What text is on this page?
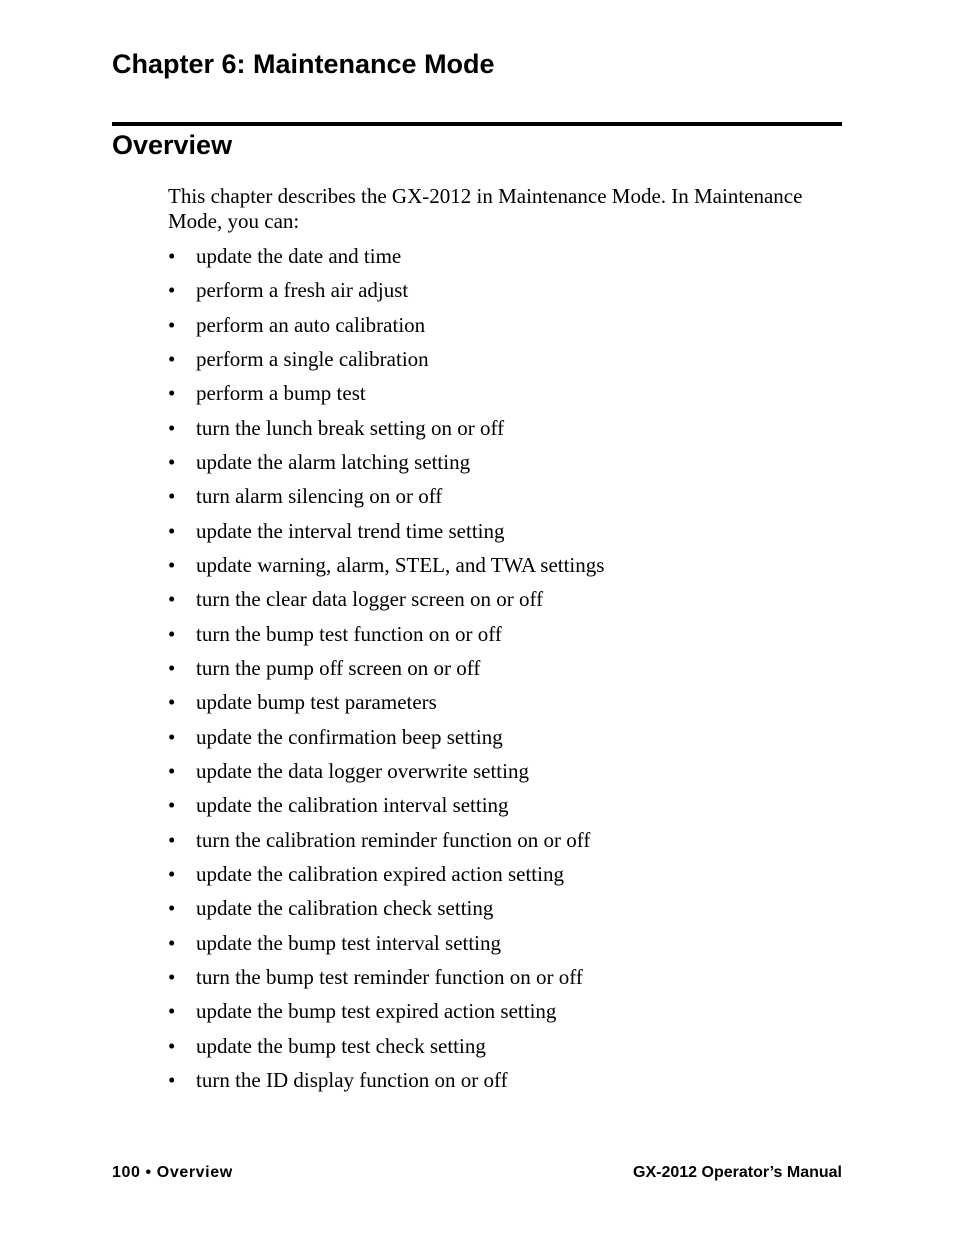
Chapter 6: Maintenance Mode
Overview

This chapter describes the GX-2012 in Maintenance Mode. In Maintenance Mode, you can:

• update the date and time
• perform a fresh air adjust
• perform an auto calibration
• perform a single calibration
• perform a bump test
• turn the lunch break setting on or off
• update the alarm latching setting
• turn alarm silencing on or off
• update the interval trend time setting
• update warning, alarm, STEL, and TWA settings
• turn the clear data logger screen on or off
• turn the bump test function on or off
• turn the pump off screen on or off
• update bump test parameters
• update the confirmation beep setting
• update the data logger overwrite setting
• update the calibration interval setting
• turn the calibration reminder function on or off
• update the calibration expired action setting
• update the calibration check setting
• update the bump test interval setting
• turn the bump test reminder function on or off
• update the bump test expired action setting
• update the bump test check setting
• turn the ID display function on or off
100 • Overview	GX-2012 Operator’s Manual
